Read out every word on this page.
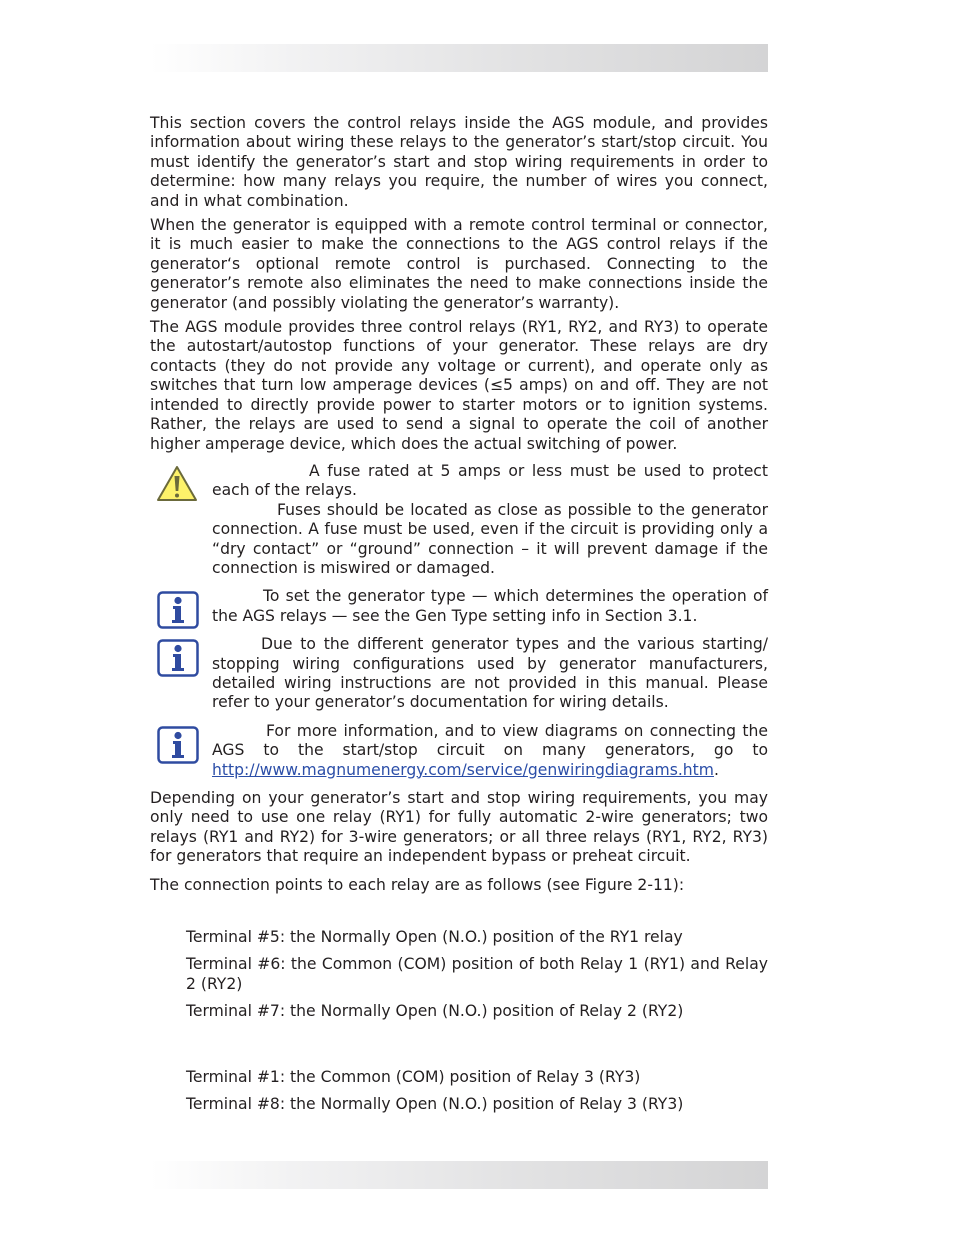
This section covers the control relays inside the AGS module, and provides information about wiring these relays to the generator’s start/stop circuit. You must identify the generator’s start and stop wiring requirements in order to determine: how many relays you require, the number of wires you connect, and in what combination.

When the generator is equipped with a remote control terminal or connector, it is much easier to make the connections to the AGS control relays if the generator‘s optional remote control is purchased. Connecting to the generator’s remote also eliminates the need to make connections inside the generator (and possibly violating the generator’s warranty).

The AGS module provides three control relays (RY1, RY2, and RY3) to operate the autostart/autostop functions of your generator. These relays are dry contacts (they do not provide any voltage or current), and operate only as switches that turn low amperage devices (≤5 amps) on and off. They are not intended to directly provide power to starter motors or to ignition systems. Rather, the relays are used to send a signal to operate the coil of another higher amperage device, which does the actual switching of power.

A fuse rated at 5 amps or less must be used to protect each of the relays.
Fuses should be located as close as possible to the generator connection. A fuse must be used, even if the circuit is providing only a “dry contact” or “ground” connection – it will prevent damage if the connection is miswired or damaged.
To set the generator type — which determines the operation of the AGS relays — see the Gen Type setting info in Section 3.1.
Due to the different generator types and the various starting/ stopping wiring configurations used by generator manufacturers, detailed wiring instructions are not provided in this manual. Please refer to your generator’s documentation for wiring details.
For more information, and to view diagrams on connecting the AGS to the start/stop circuit on many generators, go to http://www.magnumenergy.com/service/genwiringdiagrams.htm.

Depending on your generator’s start and stop wiring requirements, you may only need to use one relay (RY1) for fully automatic 2-wire generators; two relays (RY1 and RY2) for 3-wire generators; or all three relays (RY1, RY2, RY3) for generators that require an independent bypass or preheat circuit.

The connection points to each relay are as follows (see Figure 2-11):

Terminal #5: the Normally Open (N.O.) position of the RY1 relay

Terminal #6: the Common (COM) position of both Relay 1 (RY1) and Relay 2 (RY2)

Terminal #7: the Normally Open (N.O.) position of Relay 2 (RY2)

Terminal #1: the Common (COM) position of Relay 3 (RY3)

Terminal #8: the Normally Open (N.O.) position of Relay 3 (RY3)
